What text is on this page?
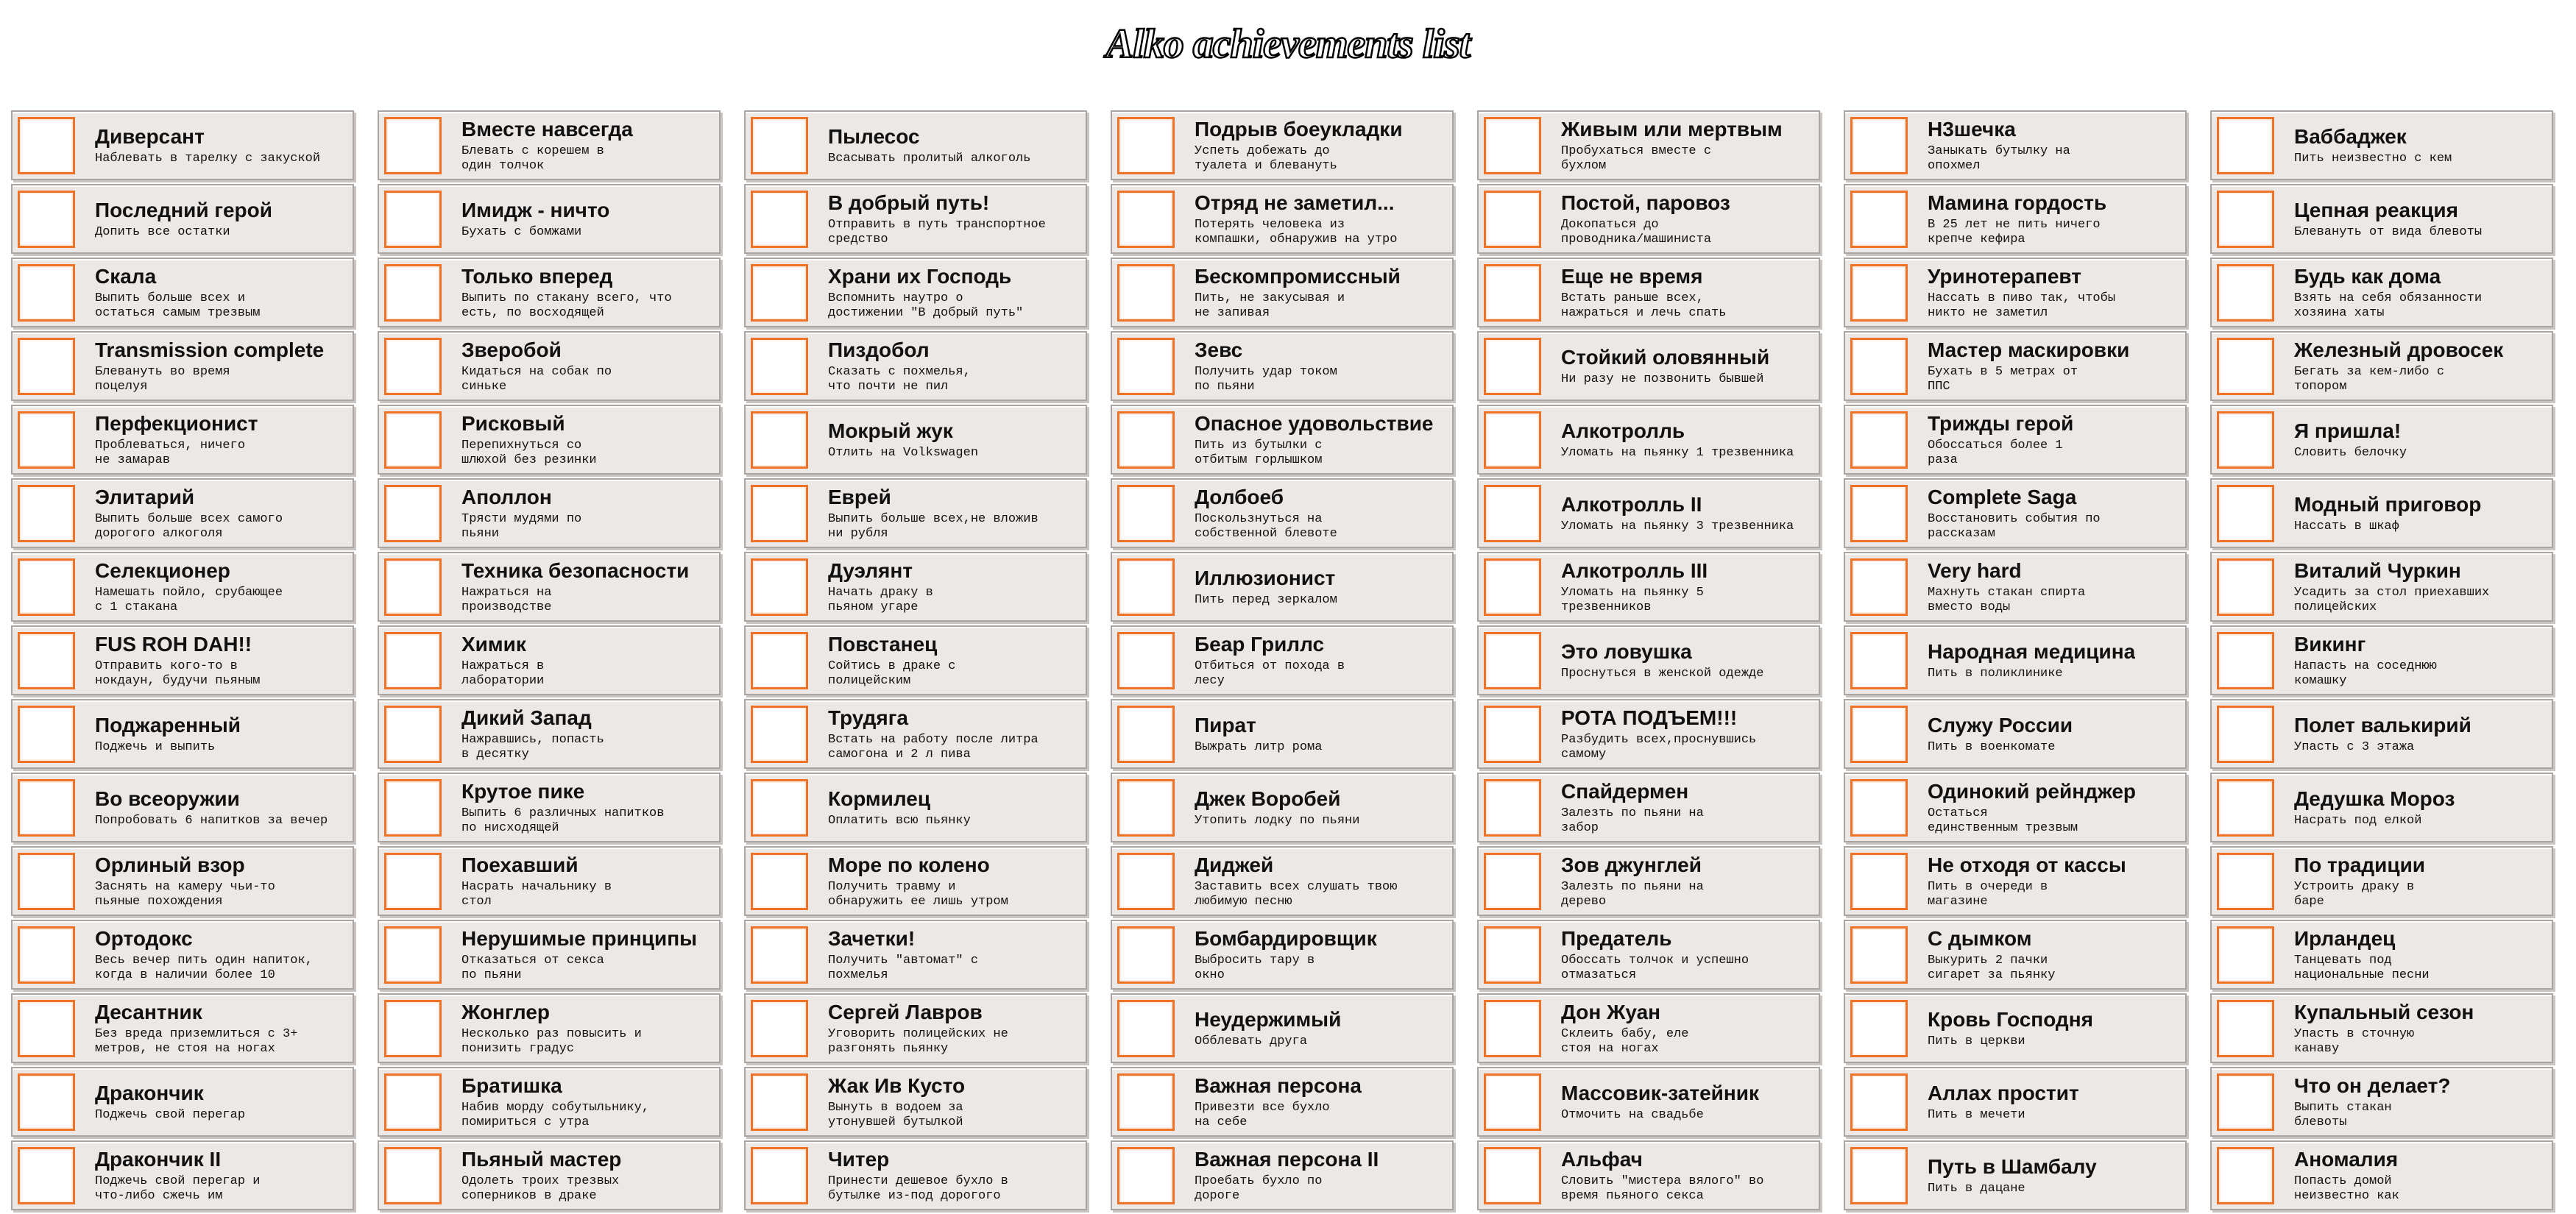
Alko achievements list
Диверсант
Наблевать в тарелку с закуской
Последний герой
Допить все остатки
Скала
Выпить больше всех и
остаться самым трезвым
Transmission complete
Блевануть во время
поцелуя
Перфекционист
Проблеваться, ничего
не замарав
Элитарий
Выпить больше всех самого
дорогого алкоголя
Селекционер
Намешать пойло, срубающее
с 1 стакана
FUS ROH DAH!!
Отправить кого-то в
нокдаун, будучи пьяным
Поджаренный
Поджечь и выпить
Во всеоружии
Попробовать 6 напитков за вечер
Орлиный взор
Заснять на камеру чьи-то
пьяные похождения
Ортодокс
Весь вечер пить один напиток,
когда в наличии более 10
Десантник
Без вреда приземлиться с 3+
метров, не стоя на ногах
Дракончик
Поджечь свой перегар
Дракончик II
Поджечь свой перегар и
что-либо сжечь им
Вместе навсегда
Блевать с корешем в
один толчок
Имидж - ничто
Бухать с бомжами
Только вперед
Выпить по стакану всего, что
есть, по восходящей
Зверобой
Кидаться на собак по
синьке
Рисковый
Перепихнуться со
шлюхой без резинки
Аполлон
Трясти мудями по
пьяни
Техника безопасности
Нажраться на
производстве
Химик
Нажраться в
лаборатории
Дикий Запад
Нажравшись, попасть
в десятку
Крутое пике
Выпить 6 различных напитков
по нисходящей
Поехавший
Насрать начальнику в
стол
Нерушимые принципы
Отказаться от секса
по пьяни
Жонглер
Несколько раз повысить и
понизить градус
Братишка
Набив морду собутыльнику,
помириться с утра
Пьяный мастер
Одолеть троих трезвых
соперников в драке
Пылесос
Всасывать пролитый алкоголь
В добрый путь!
Отправить в путь транспортное
средство
Храни их Господь
Вспомнить наутро о
достижении "В добрый путь"
Пиздобол
Сказать с похмелья,
что почти не пил
Мокрый жук
Отлить на Volkswagen
Еврей
Выпить больше всех,не вложив
ни рубля
Дуэлянт
Начать драку в
пьяном угаре
Повстанец
Сойтись в драке с
полицейским
Трудяга
Встать на работу после литра
самогона и 2 л пива
Кормилец
Оплатить всю пьянку
Море по колено
Получить травму и
обнаружить ее лишь утром
Зачетки!
Получить "автомат" с
похмелья
Сергей Лавров
Уговорить полицейских не
разгонять пьянку
Жак Ив Кусто
Вынуть в водоем за
утонувшей бутылкой
Читер
Принести дешевое бухло в
бутылке из-под дорогого
Подрыв боеукладки
Успеть добежать до
туалета и блевануть
Отряд не заметил...
Потерять человека из
компашки, обнаружив на утро
Бескомпромиссный
Пить, не закусывая и
не запивая
Зевс
Получить удар током
по пьяни
Опасное удовольствие
Пить из бутылки с
отбитым горлышком
Долбоеб
Поскользнуться на
собственной блевоте
Иллюзионист
Пить перед зеркалом
Беар Гриллс
Отбиться от похода в
лесу
Пират
Выжрать литр рома
Джек Воробей
Утопить лодку по пьяни
Диджей
Заставить всех слушать твою
любимую песню
Бомбардировщик
Выбросить тару в
окно
Неудержимый
Обблевать друга
Важная персона
Привезти все бухло
на себе
Важная персона II
Проебать бухло по
дороге
Живым или мертвым
Пробухаться вместе с
бухлом
Постой, паровоз
Докопаться до
проводника/машиниста
Еще не время
Встать раньше всех,
нажраться и лечь спать
Стойкий оловянный
Ни разу не позвонить бывшей
Алкотролль
Уломать на пьянку 1 трезвенника
Алкотролль II
Уломать на пьянку 3 трезвенника
Алкотролль III
Уломать на пьянку 5
трезвенников
Это ловушка
Проснуться в женской одежде
РОТА ПОДЪЕМ!!!
Разбудить всех,проснувшись
самому
Спайдермен
Залезть по пьяни на
забор
Зов джунглей
Залезть по пьяни на
дерево
Предатель
Обоссать толчок и успешно
отмазаться
Дон Жуан
Склеить бабу, еле
стоя на ногах
Массовик-затейник
Отмочить на свадьбе
Альфач
Словить "мистера вялого" во
время пьяного секса
Н3шечка
Заныкать бутылку на
опохмел
Мамина гордость
В 25 лет не пить ничего
крепче кефира
Уринотерапевт
Нассать в пиво так, чтобы
никто не заметил
Мастер маскировки
Бухать в 5 метрах от
ППС
Трижды герой
Обоссаться более 1
раза
Complete Saga
Восстановить события по
рассказам
Very hard
Махнуть стакан спирта
вместо воды
Народная медицина
Пить в поликлинике
Служу России
Пить в военкомате
Одинокий рейнджер
Остаться
единственным трезвым
Не отходя от кассы
Пить в очереди в
магазине
С дымком
Выкурить 2 пачки
сигарет за пьянку
Кровь Господня
Пить в церкви
Аллах простит
Пить в мечети
Путь в Шамбалу
Пить в дацане
Ваббаджек
Пить неизвестно с кем
Цепная реакция
Блевануть от вида блевоты
Будь как дома
Взять на себя обязанности
хозяина хаты
Железный дровосек
Бегать за кем-либо с
топором
Я пришла!
Словить белочку
Модный приговор
Нассать в шкаф
Виталий Чуркин
Усадить за стол приехавших
полицейских
Викинг
Напасть на соседнюю
комашку
Полет валькирий
Упасть с 3 этажа
Дедушка Мороз
Насрать под елкой
По традиции
Устроить драку в
баре
Ирландец
Танцевать под
национальные песни
Купальный сезон
Упасть в сточную
канаву
Что он делает?
Выпить стакан
блевоты
Аномалия
Попасть домой
неизвестно как
